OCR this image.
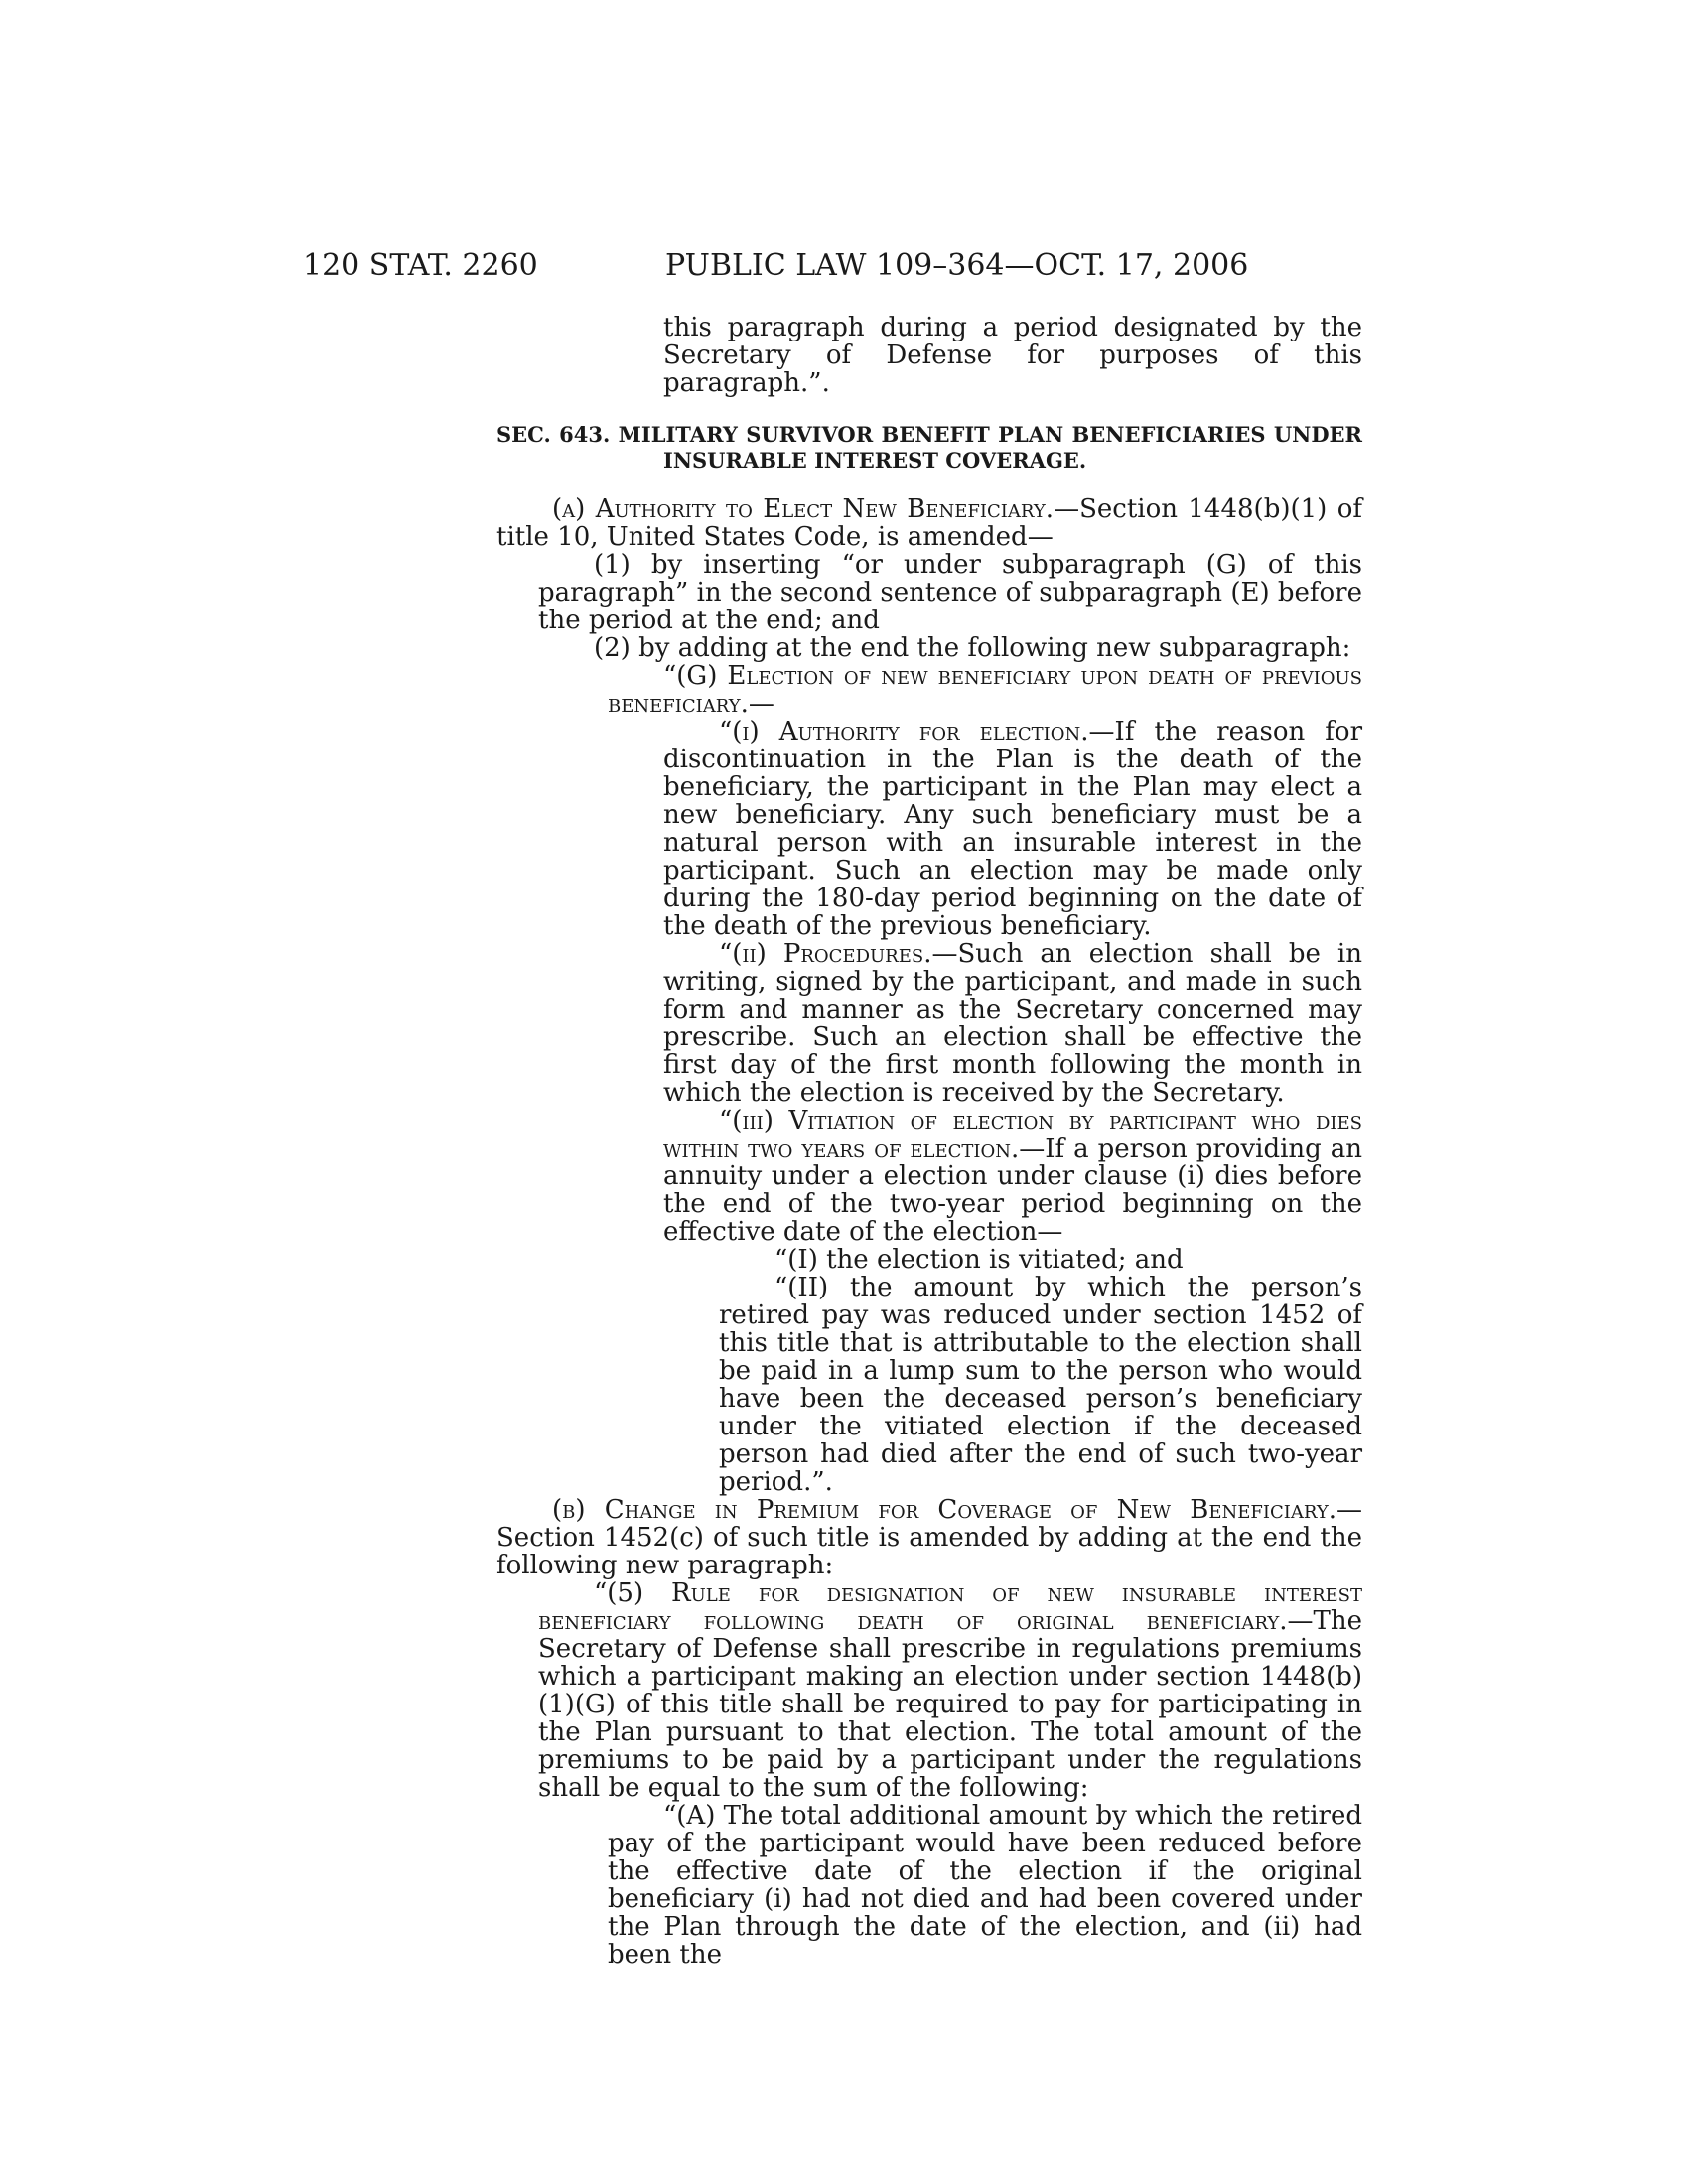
120 STAT. 2260	PUBLIC LAW 109–364—OCT. 17, 2006

this paragraph during a period designated by the Secretary of Defense for purposes of this paragraph.”.

SEC. 643. MILITARY SURVIVOR BENEFIT PLAN BENEFICIARIES UNDER INSURABLE INTEREST COVERAGE.

(a) Authority to Elect New Beneficiary.—Section 1448(b)(1) of title 10, United States Code, is amended—

(1) by inserting “or under subparagraph (G) of this paragraph” in the second sentence of subparagraph (E) before the period at the end; and

(2) by adding at the end the following new subparagraph:

“(G) Election of new beneficiary upon death of previous beneficiary.—

“(i) Authority for election.—If the reason for discontinuation in the Plan is the death of the beneficiary, the participant in the Plan may elect a new beneficiary. Any such beneficiary must be a natural person with an insurable interest in the participant. Such an election may be made only during the 180-day period beginning on the date of the death of the previous beneficiary.

“(ii) Procedures.—Such an election shall be in writing, signed by the participant, and made in such form and manner as the Secretary concerned may prescribe. Such an election shall be effective the first day of the first month following the month in which the election is received by the Secretary.

“(iii) Vitiation of election by participant who dies within two years of election.—If a person providing an annuity under a election under clause (i) dies before the end of the two-year period beginning on the effective date of the election—

“(I) the election is vitiated; and

“(II) the amount by which the person’s retired pay was reduced under section 1452 of this title that is attributable to the election shall be paid in a lump sum to the person who would have been the deceased person’s beneficiary under the vitiated election if the deceased person had died after the end of such two-year period.”.

(b) Change in Premium for Coverage of New Beneficiary.—Section 1452(c) of such title is amended by adding at the end the following new paragraph:

“(5) Rule for designation of new insurable interest beneficiary following death of original beneficiary.—The Secretary of Defense shall prescribe in regulations premiums which a participant making an election under section 1448(b)(1)(G) of this title shall be required to pay for participating in the Plan pursuant to that election. The total amount of the premiums to be paid by a participant under the regulations shall be equal to the sum of the following:

“(A) The total additional amount by which the retired pay of the participant would have been reduced before the effective date of the election if the original beneficiary (i) had not died and had been covered under the Plan through the date of the election, and (ii) had been the
